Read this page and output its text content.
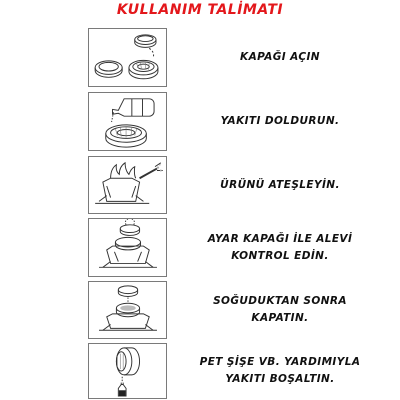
KULLANIM TALİMATI
KAPAĞI AÇIN
YAKITI DOLDURUN.
ÜRÜNÜ ATEŞLEYİN.
AYAR KAPAĞI İLE ALEVİ
KONTROL EDİN.
SOĞUDUKTAN SONRA
KAPATIN.
PET ŞİŞE VB. YARDIMIYLA
YAKITI BOŞALTIN.
